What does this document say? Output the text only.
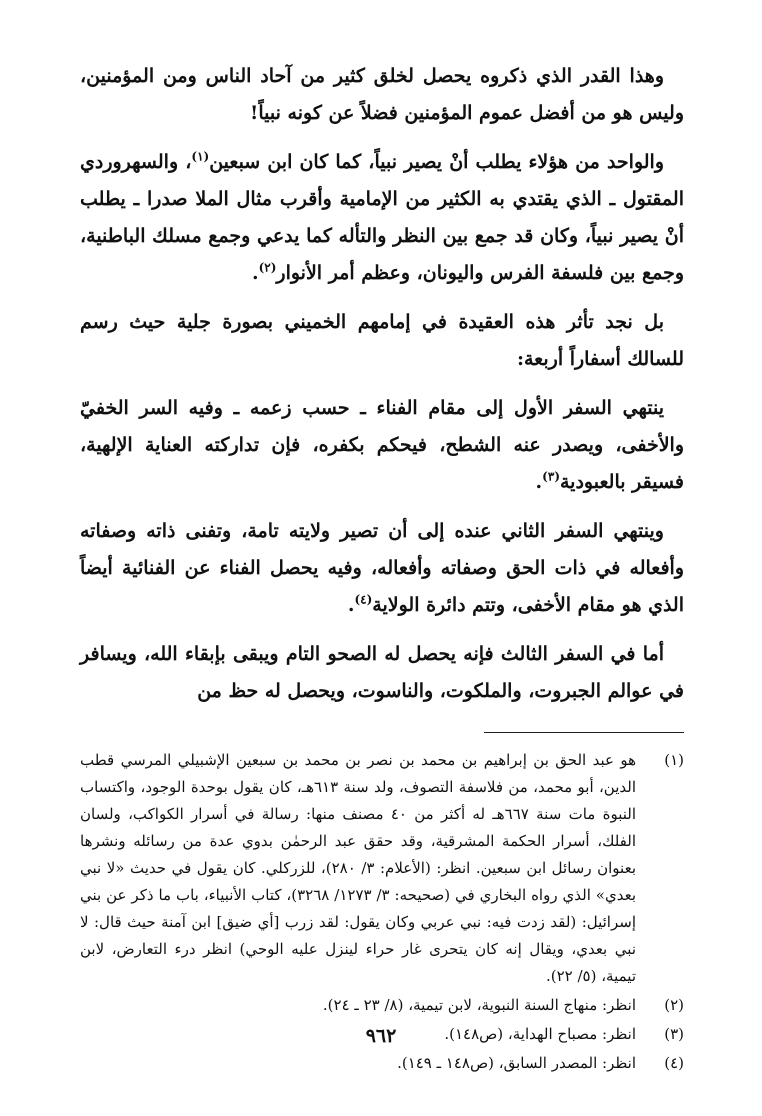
وهذا القدر الذي ذكروه يحصل لخلق كثير من آحاد الناس ومن المؤمنين، وليس هو من أفضل عموم المؤمنين فضلاً عن كونه نبياً!

والواحد من هؤلاء يطلب أنْ يصير نبياً، كما كان ابن سبعين$^{(١)}$، والسهروردي المقتول ـ الذي يقتدي به الكثير من الإمامية وأقرب مثال الملا صدرا ـ يطلب أنْ يصير نبياً، وكان قد جمع بين النظر والتأله كما يدعي وجمع مسلك الباطنية، وجمع بين فلسفة الفرس واليونان، وعظم أمر الأنوار$^{(٢)}$.

بل نجد تأثر هذه العقيدة في إمامهم الخميني بصورة جلية حيث رسم للسالك أسفاراً أربعة:

ينتهي السفر الأول إلى مقام الفناء ـ حسب زعمه ـ وفيه السر الخفيّ والأخفى، ويصدر عنه الشطح، فيحكم بكفره، فإن تداركته العناية الإلهية، فسيقر بالعبودية$^{(٣)}$.

وينتهي السفر الثاني عنده إلى أن تصير ولايته تامة، وتفنى ذاته وصفاته وأفعاله في ذات الحق وصفاته وأفعاله، وفيه يحصل الفناء عن الفنائية أيضاً الذي هو مقام الأخفى، وتتم دائرة الولاية$^{(٤)}$.

أما في السفر الثالث فإنه يحصل له الصحو التام ويبقى بإبقاء الله، ويسافر في عوالم الجبروت، والملكوت، والناسوت، ويحصل له حظ من

(١)
هو عبد الحق بن إبراهيم بن محمد بن نصر بن محمد بن سبعين الإشبيلي المرسي قطب الدين، أبو محمد، من فلاسفة التصوف، ولد سنة ٦١٣هـ، كان يقول بوحدة الوجود، واكتساب النبوة مات سنة ٦٦٧هـ له أكثر من ٤٠ مصنف منها: رسالة في أسرار الكواكب، ولسان الفلك، أسرار الحكمة المشرقية، وقد حقق عبد الرحمٰن بدوي عدة من رسائله ونشرها بعنوان رسائل ابن سبعين. انظر: (الأعلام: ٣/ ٢٨٠)، للزركلي. كان يقول في حديث «لا نبي بعدي» الذي رواه البخاري في (صحيحه: ٣/ ١٢٧٣/ ٣٢٦٨)، كتاب الأنبياء، باب ما ذكر عن بني إسرائيل: (لقد زدت فيه: نبي عربي وكان يقول: لقد زرب [أي ضيق] ابن آمنة حيث قال: لا نبي بعدي، ويقال إنه كان يتحرى غار حراء لينزل عليه الوحي) انظر درء التعارض، لابن تيمية، (٥/ ٢٢).
(٢)
انظر: منهاج السنة النبوية، لابن تيمية، (٨/ ٢٣ ـ ٢٤).
(٣)
انظر: مصباح الهداية، (ص١٤٨).
(٤)
انظر: المصدر السابق، (ص١٤٨ ـ ١٤٩).
٩٦٢
